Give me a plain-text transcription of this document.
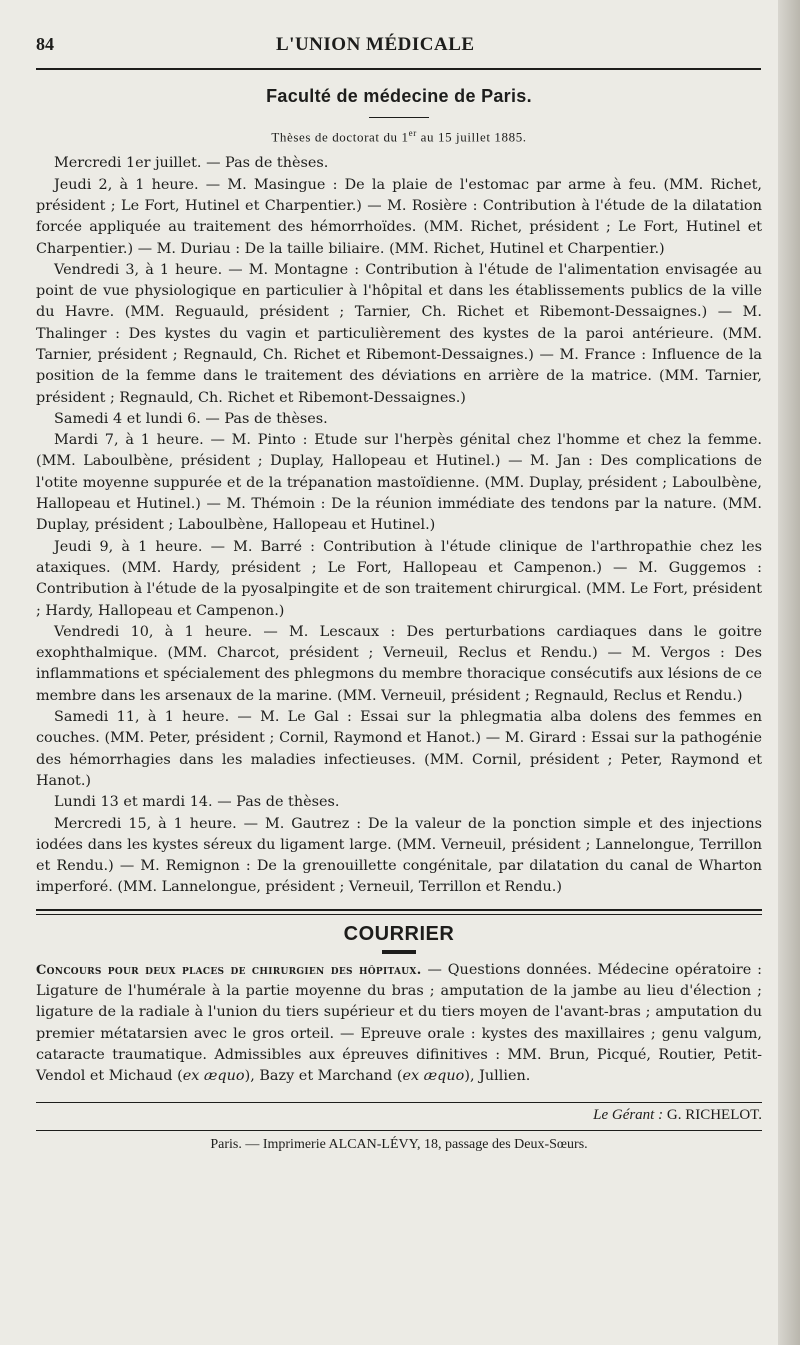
84	L'UNION MÉDICALE
Faculté de médecine de Paris.
Thèses de doctorat du 1er au 15 juillet 1885.

Mercredi 1er juillet. — Pas de thèses.

Jeudi 2, à 1 heure. — M. Masingue : De la plaie de l'estomac par arme à feu. (MM. Richet, président ; Le Fort, Hutinel et Charpentier.) — M. Rosière : Contribution à l'étude de la dilatation forcée appliquée au traitement des hémorrhoïdes. (MM. Richet, président ; Le Fort, Hutinel et Charpentier.) — M. Duriau : De la taille biliaire. (MM. Richet, Hutinel et Charpentier.)

Vendredi 3, à 1 heure. — M. Montagne : Contribution à l'étude de l'alimentation envisagée au point de vue physiologique en particulier à l'hôpital et dans les établissements publics de la ville du Havre. (MM. Reguauld, président ; Tarnier, Ch. Richet et Ribemont-Dessaignes.) — M. Thalinger : Des kystes du vagin et particulièrement des kystes de la paroi antérieure. (MM. Tarnier, président ; Regnauld, Ch. Richet et Ribemont-Dessaignes.) — M. France : Influence de la position de la femme dans le traitement des déviations en arrière de la matrice. (MM. Tarnier, président ; Regnauld, Ch. Richet et Ribemont-Dessaignes.)

Samedi 4 et lundi 6. — Pas de thèses.

Mardi 7, à 1 heure. — M. Pinto : Etude sur l'herpès génital chez l'homme et chez la femme. (MM. Laboulbène, président ; Duplay, Hallopeau et Hutinel.) — M. Jan : Des complications de l'otite moyenne suppurée et de la trépanation mastoïdienne. (MM. Duplay, président ; Laboulbène, Hallopeau et Hutinel.) — M. Thémoin : De la réunion immédiate des tendons par la nature. (MM. Duplay, président ; Laboulbène, Hallopeau et Hutinel.)

Jeudi 9, à 1 heure. — M. Barré : Contribution à l'étude clinique de l'arthropathie chez les ataxiques. (MM. Hardy, président ; Le Fort, Hallopeau et Campenon.) — M. Guggemos : Contribution à l'étude de la pyosalpingite et de son traitement chirurgical. (MM. Le Fort, président ; Hardy, Hallopeau et Campenon.)

Vendredi 10, à 1 heure. — M. Lescaux : Des perturbations cardiaques dans le goitre exophthalmique. (MM. Charcot, président ; Verneuil, Reclus et Rendu.) — M. Vergos : Des inflammations et spécialement des phlegmons du membre thoracique consécutifs aux lésions de ce membre dans les arsenaux de la marine. (MM. Verneuil, président ; Regnauld, Reclus et Rendu.)

Samedi 11, à 1 heure. — M. Le Gal : Essai sur la phlegmatia alba dolens des femmes en couches. (MM. Peter, président ; Cornil, Raymond et Hanot.) — M. Girard : Essai sur la pathogénie des hémorrhagies dans les maladies infectieuses. (MM. Cornil, président ; Peter, Raymond et Hanot.)

Lundi 13 et mardi 14. — Pas de thèses.

Mercredi 15, à 1 heure. — M. Gautrez : De la valeur de la ponction simple et des injections iodées dans les kystes séreux du ligament large. (MM. Verneuil, président ; Lannelongue, Terrillon et Rendu.) — M. Remignon : De la grenouillette congénitale, par dilatation du canal de Wharton imperforé. (MM. Lannelongue, président ; Verneuil, Terrillon et Rendu.)

COURRIER
Concours pour deux places de chirurgien des hôpitaux. — Questions données. Médecine opératoire : Ligature de l'humérale à la partie moyenne du bras ; amputation de la jambe au lieu d'élection ; ligature de la radiale à l'union du tiers supérieur et du tiers moyen de l'avant-bras ; amputation du premier métatarsien avec le gros orteil. — Epreuve orale : kystes des maxillaires ; genu valgum, cataracte traumatique. Admissibles aux épreuves difinitives : MM. Brun, Picqué, Routier, Petit-Vendol et Michaud (ex æquo), Bazy et Marchand (ex æquo), Jullien.
Le Gérant : G. RICHELOT.
Paris. — Imprimerie ALCAN-LÉVY, 18, passage des Deux-Sœurs.
